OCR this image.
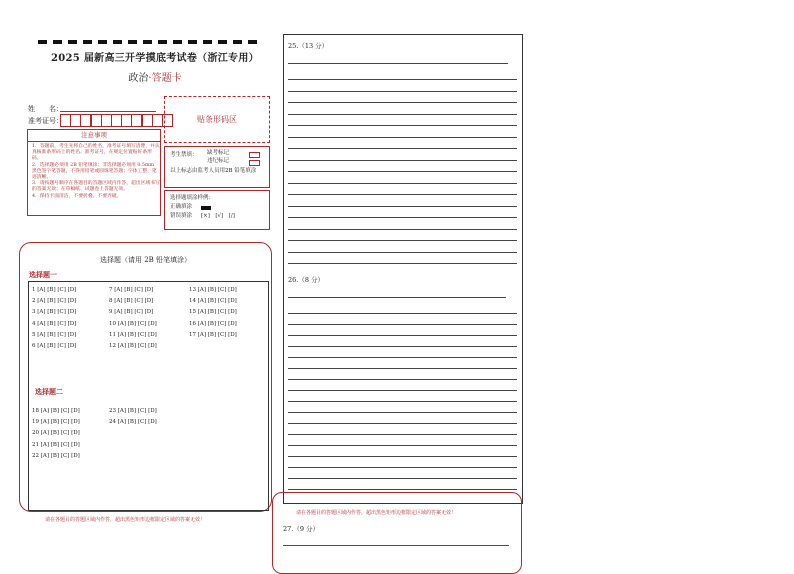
2025 届新高三开学摸底考试卷（浙江专用）
政治·答题卡
姓　　名：
准考证号：	贴条形码区
注意事项
1．答题前，考生先将自己的姓名，准考证号填写清楚，并认真核准条形码上的姓名、准考证号，在规定位置贴好条形码。
2．选择题必须用 2B 铅笔填涂；非选择题必须用 0.5mm 黑色签字笔答题，不得用铅笔或圆珠笔答题；字体工整、笔迹清晰。
3．请按题号顺序在各题目的答题区域内作答，超出区域书写的答案无效；在草稿纸、试题卷上答题无效。
4．保持卡面清洁，不要折叠、不要弄破。
考生禁填： 缺考标记
违纪标记
以上标志由监考人员用2B 铅笔填涂
选择题填涂样例：
正确填涂
错误填涂 [×]　[√]　[/]
选择题（请用 2B 铅笔填涂）
选择题一
选择题二
1 [A] [B] [C] [D]
2 [A] [B] [C] [D]
3 [A] [B] [C] [D]
4 [A] [B] [C] [D]
5 [A] [B] [C] [D]
6 [A] [B] [C] [D]
7 [A] [B] [C] [D]
8 [A] [B] [C] [D]
9 [A] [B] [C] [D]
10 [A] [B] [C] [D]
11 [A] [B] [C] [D]
12 [A] [B] [C] [D]
13 [A] [B] [C] [D]
14 [A] [B] [C] [D]
15 [A] [B] [C] [D]
16 [A] [B] [C] [D]
17 [A] [B] [C] [D]
18 [A] [B] [C] [D]
19 [A] [B] [C] [D]
20 [A] [B] [C] [D]
21 [A] [B] [C] [D]
22 [A] [B] [C] [D]
23 [A] [B] [C] [D]
24 [A] [B] [C] [D]
请在各题目的答题区域内作答，超出黑色矩形边框限定区域的答案无效！
25.（13 分）
26.（8 分）
请在各题目的答题区域内作答，超出黑色矩形边框限定区域的答案无效！
27.（9 分）
